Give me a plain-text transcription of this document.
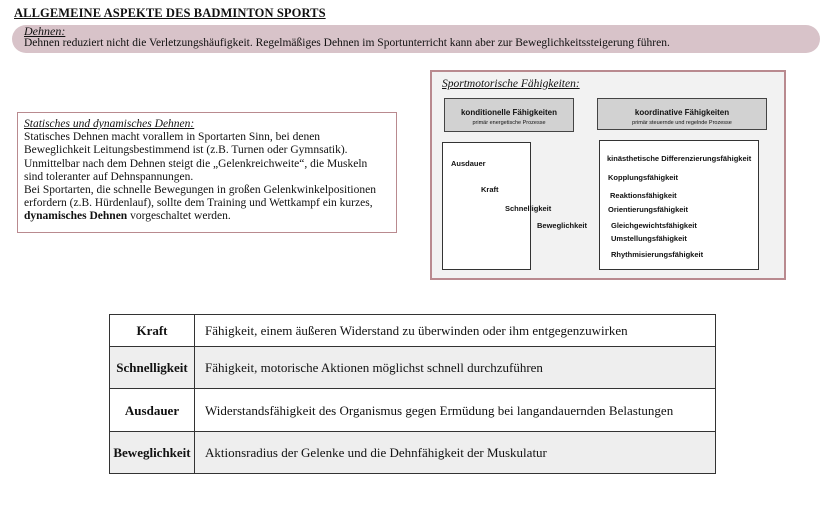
ALLGEMEINE ASPEKTE DES BADMINTON SPORTS
Dehnen:
Dehnen reduziert nicht die Verletzungshäufigkeit. Regelmäßiges Dehnen im Sportunterricht kann aber zur Beweglichkeitssteigerung führen.
Statisches und dynamisches Dehnen:
Statisches Dehnen macht vorallem in Sportarten Sinn, bei denen
Beweglichkeit Leitungsbestimmend ist (z.B. Turnen oder Gymnsatik).
Unmittelbar nach dem Dehnen steigt die „Gelenkreichweite“, die Muskeln
sind toleranter auf Dehnspannungen.
Bei Sportarten, die schnelle Bewegungen in großen Gelenkwinkelpositionen
erfordern (z.B. Hürdenlauf), sollte dem Training und Wettkampf ein kurzes,
dynamisches Dehnen vorgeschaltet werden.
Sportmotorische Fähigkeiten:
konditionelle Fähigkeiten
primär energetische Prozesse
koordinative Fähigkeiten
primär steuernde und regelnde Prozesse
Ausdauer
Kraft
Schnelligkeit
Beweglichkeit
kinästhetische Differenzierungsfähigkeit
Kopplungsfähigkeit
Reaktionsfähigkeit
Orientierungsfähigkeit
Gleichgewichtsfähigkeit
Umstellungsfähigkeit
Rhythmisierungsfähigkeit
Kraft	Fähigkeit, einem äußeren Widerstand zu überwinden oder ihm entgegenzuwirken
Schnelligkeit	Fähigkeit, motorische Aktionen möglichst schnell durchzuführen
Ausdauer	Widerstandsfähigkeit des Organismus gegen Ermüdung bei langandauernden Belastungen
Beweglichkeit	Aktionsradius der Gelenke und die Dehnfähigkeit der Muskulatur
